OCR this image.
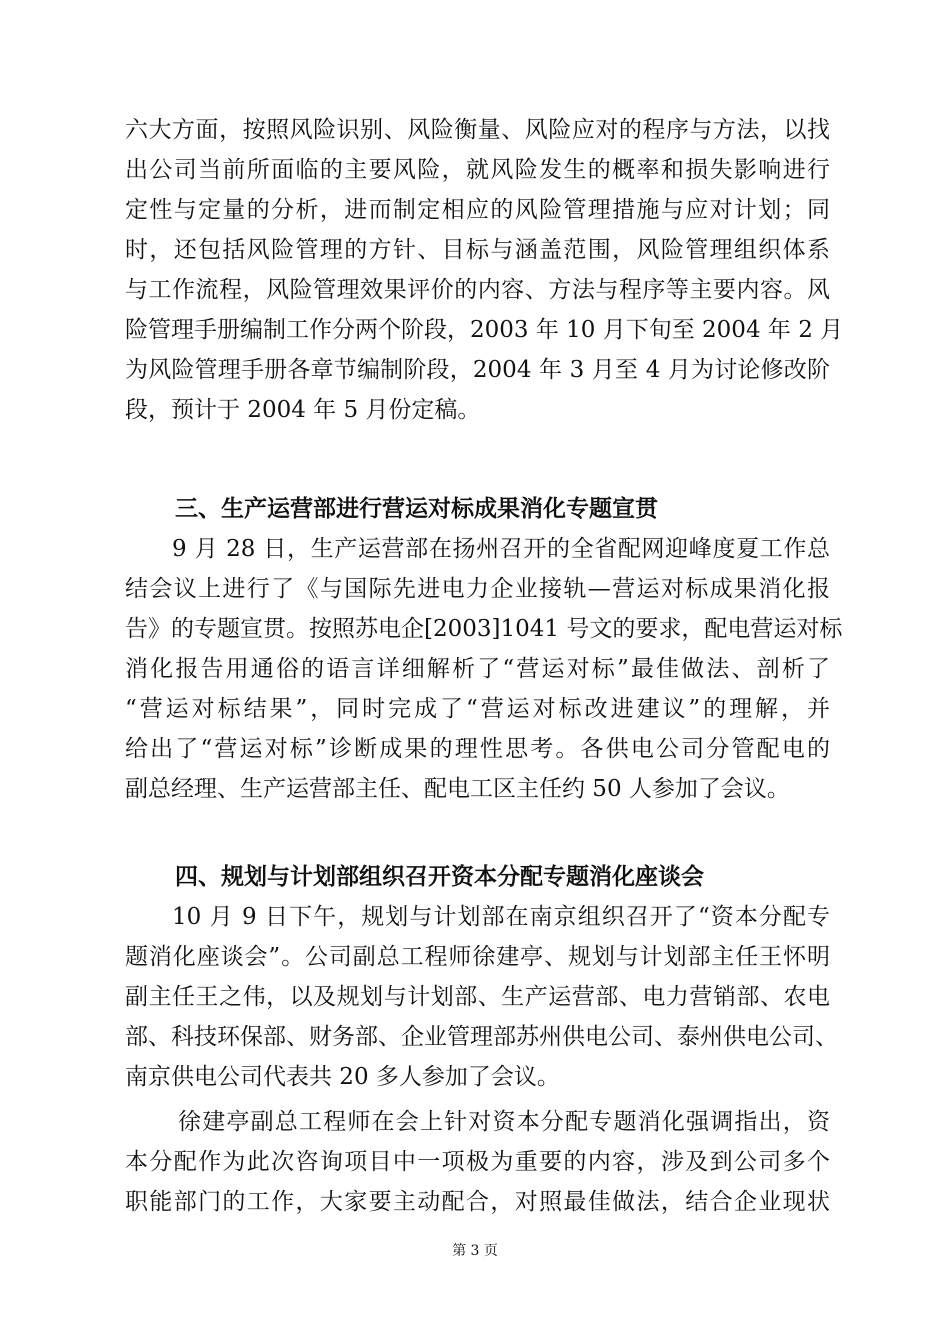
六大方面，按照风险识别、风险衡量、风险应对的程序与方法，以找
出公司当前所面临的主要风险，就风险发生的概率和损失影响进行
定性与定量的分析，进而制定相应的风险管理措施与应对计划；同
时，还包括风险管理的方针、目标与涵盖范围，风险管理组织体系
与工作流程，风险管理效果评价的内容、方法与程序等主要内容。风
险管理手册编制工作分两个阶段，2003 年 10 月下旬至 2004 年 2 月
为风险管理手册各章节编制阶段，2004 年 3 月至 4 月为讨论修改阶
段，预计于 2004 年 5 月份定稿。
三、生产运营部进行营运对标成果消化专题宣贯
9 月 28 日，生产运营部在扬州召开的全省配网迎峰度夏工作总
结会议上进行了《与国际先进电力企业接轨—营运对标成果消化报
告》的专题宣贯。按照苏电企[2003]1041 号文的要求，配电营运对标
消化报告用通俗的语言详细解析了“营运对标”最佳做法、剖析了
“营运对标结果”，同时完成了“营运对标改进建议”的理解，并
给出了“营运对标”诊断成果的理性思考。各供电公司分管配电的
副总经理、生产运营部主任、配电工区主任约 50 人参加了会议。
四、规划与计划部组织召开资本分配专题消化座谈会
10 月 9 日下午，规划与计划部在南京组织召开了“资本分配专
题消化座谈会”。公司副总工程师徐建亭、规划与计划部主任王怀明
副主任王之伟，以及规划与计划部、生产运营部、电力营销部、农电
部、科技环保部、财务部、企业管理部苏州供电公司、泰州供电公司、
南京供电公司代表共 20 多人参加了会议。
徐建亭副总工程师在会上针对资本分配专题消化强调指出，资
本分配作为此次咨询项目中一项极为重要的内容，涉及到公司多个
职能部门的工作，大家要主动配合，对照最佳做法，结合企业现状
第 3 页
